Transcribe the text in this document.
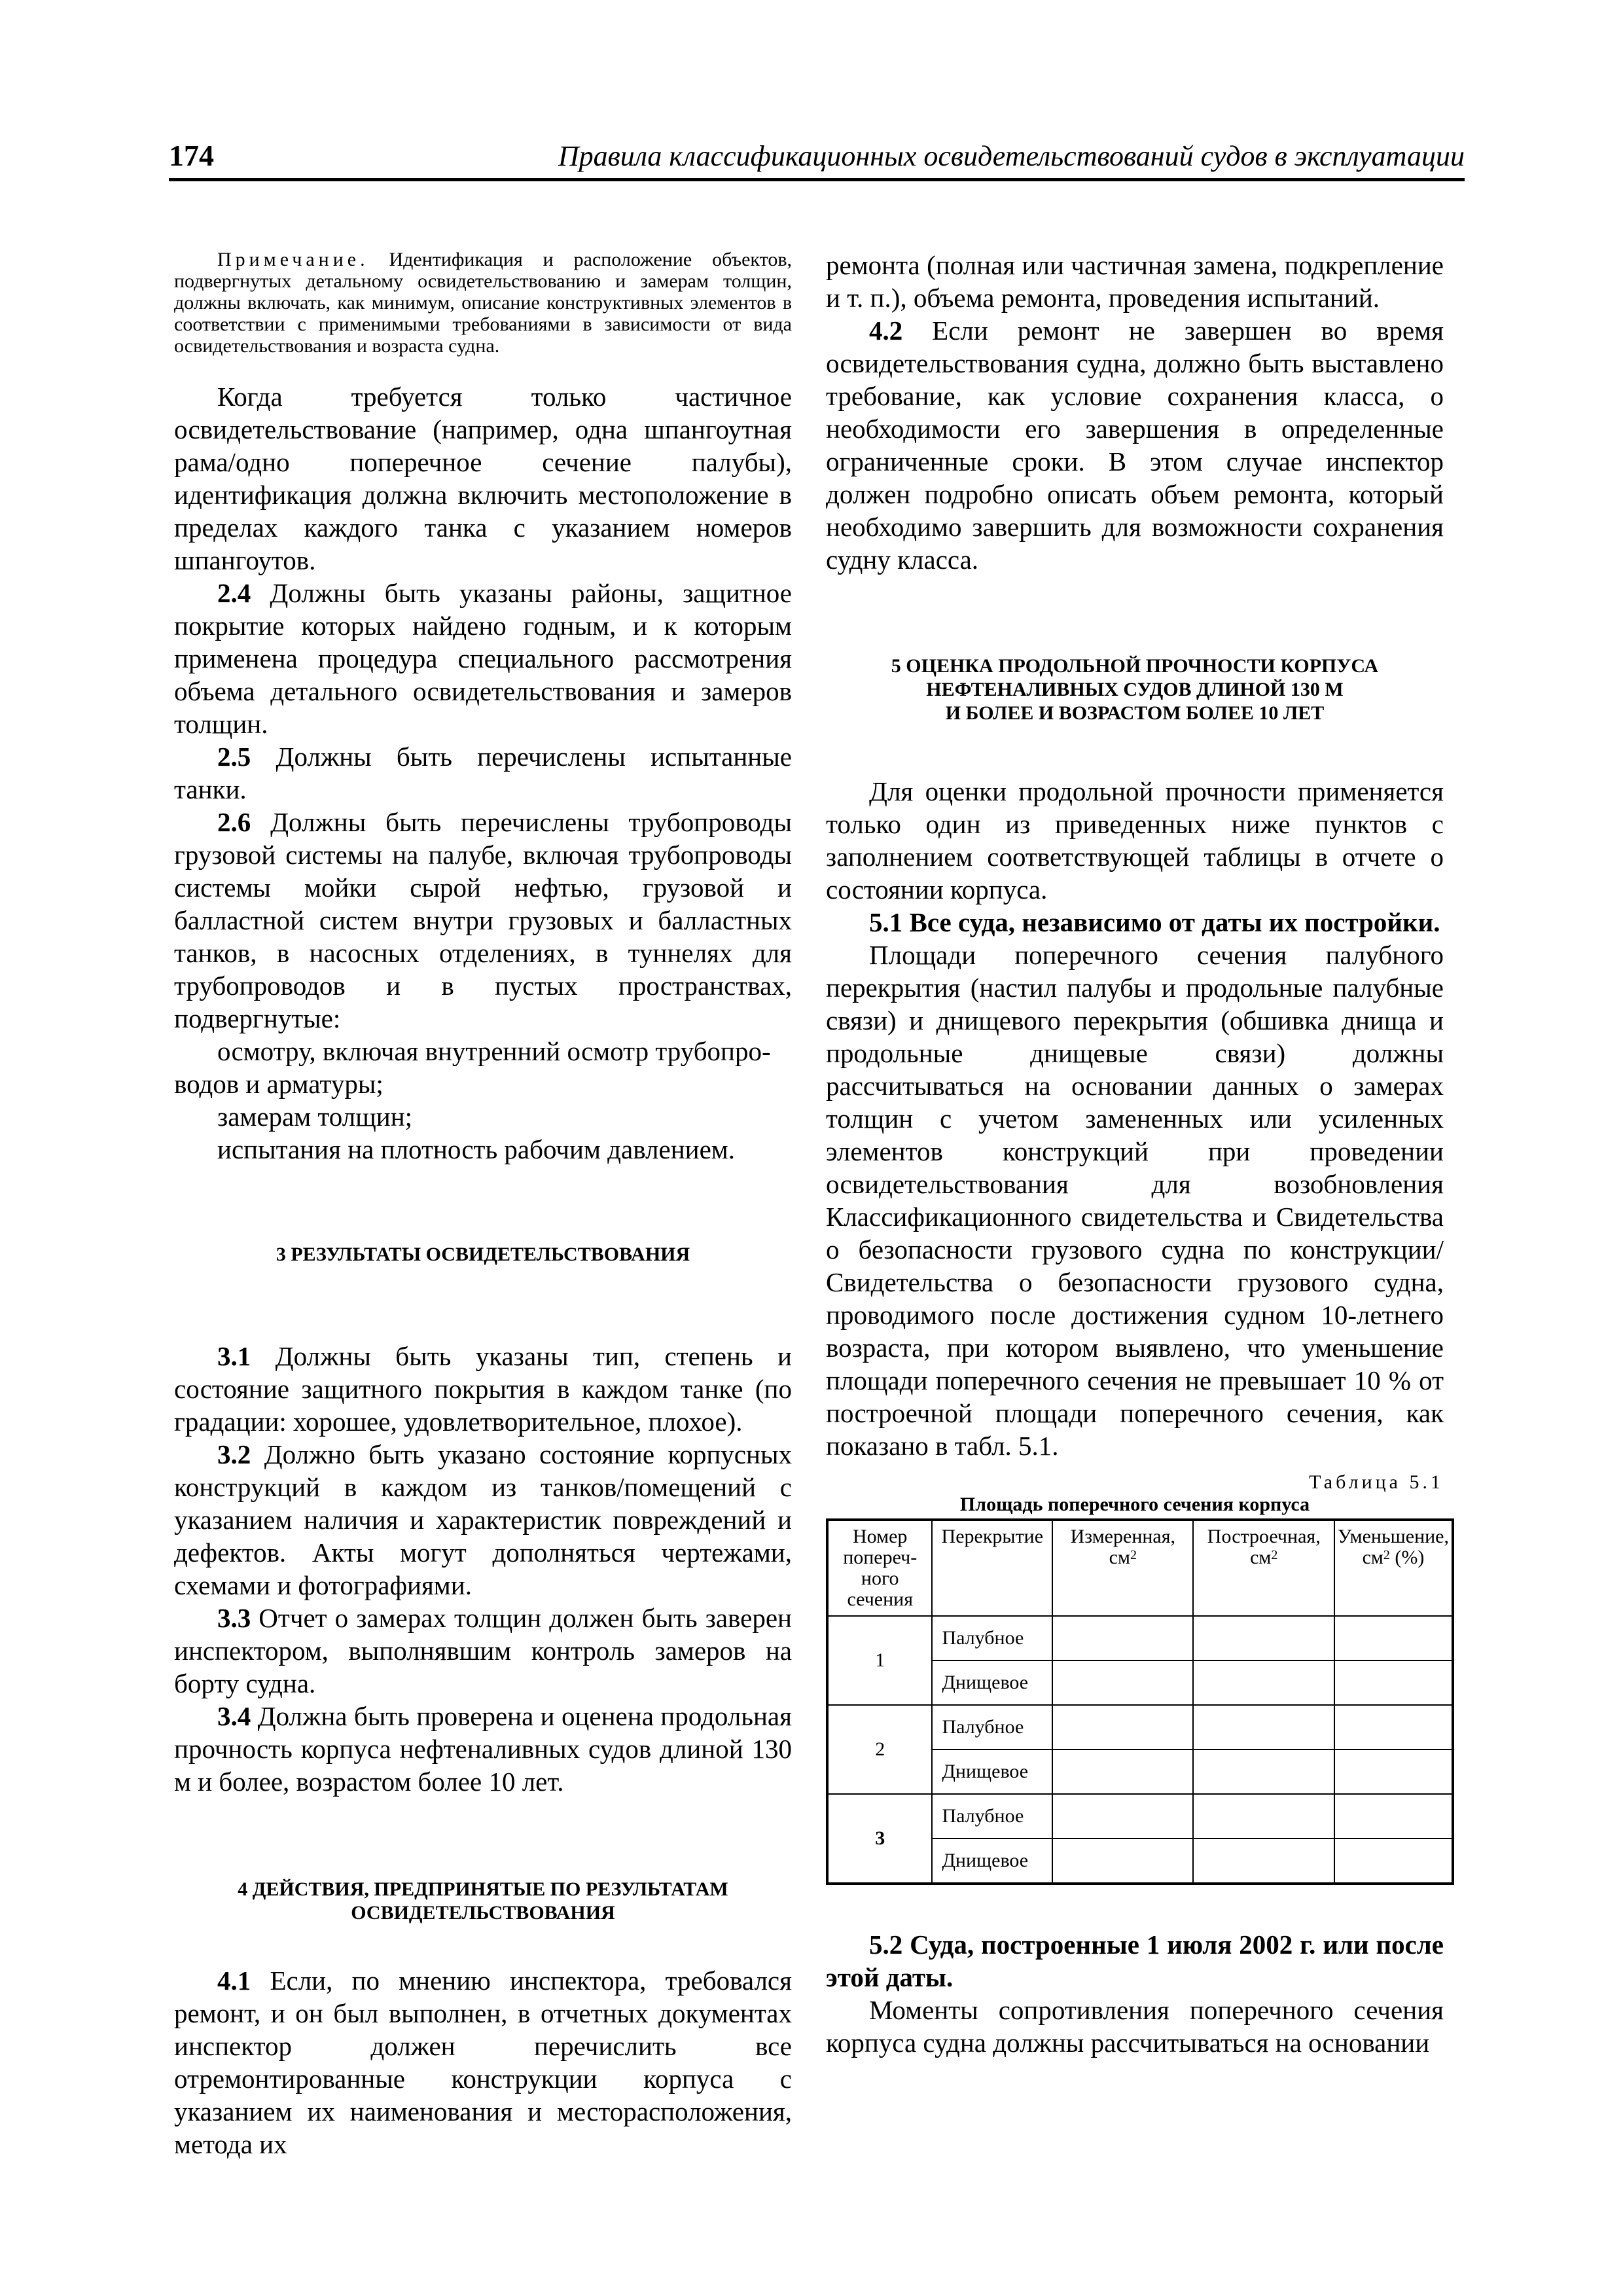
174	Правила классификационных освидетельствований судов в эксплуатации

Примечание. Идентификация и расположение объектов, подвергнутых детальному освидетельствованию и замерам толщин, должны включать, как минимум, описание конструктивных элементов в соответствии с применимыми требованиями в зависимости от вида освидетельствования и возраста судна.

Когда требуется только частичное освидетельствование (например, одна шпангоутная рама/одно поперечное сечение палубы), идентификация должна включить местоположение в пределах каждого танка с указанием номеров шпангоутов.

2.4 Должны быть указаны районы, защитное покрытие которых найдено годным, и к которым применена процедура специального рассмотрения объема детального освидетельствования и замеров толщин.

2.5 Должны быть перечислены испытанные танки.

2.6 Должны быть перечислены трубопроводы грузовой системы на палубе, включая трубопроводы системы мойки сырой нефтью, грузовой и балластной систем внутри грузовых и балластных танков, в насосных отделениях, в туннелях для трубопроводов и в пустых пространствах, подвергнутые:

осмотру, включая внутренний осмотр трубопро-

водов и арматуры;

замерам толщин;

испытания на плотность рабочим давлением.

3 РЕЗУЛЬТАТЫ ОСВИДЕТЕЛЬСТВОВАНИЯ

3.1 Должны быть указаны тип, степень и состояние защитного покрытия в каждом танке (по градации: хорошее, удовлетворительное, плохое).

3.2 Должно быть указано состояние корпусных конструкций в каждом из танков/помещений с указанием наличия и характеристик повреждений и дефектов. Акты могут дополняться чертежами, схемами и фотографиями.

3.3 Отчет о замерах толщин должен быть заверен инспектором, выполнявшим контроль замеров на борту судна.

3.4 Должна быть проверена и оценена продольная прочность корпуса нефтеналивных судов длиной 130 м и более, возрастом более 10 лет.

4 ДЕЙСТВИЯ, ПРЕДПРИНЯТЫЕ ПО РЕЗУЛЬТАТАМ

ОСВИДЕТЕЛЬСТВОВАНИЯ

4.1 Если, по мнению инспектора, требовался ремонт, и он был выполнен, в отчетных документах инспектор должен перечислить все отремонтированные конструкции корпуса с указанием их наименования и месторасположения, метода их

ремонта (полная или частичная замена, подкрепление и т. п.), объема ремонта, проведения испытаний.

4.2 Если ремонт не завершен во время освидетельствования судна, должно быть выставлено требование, как условие сохранения класса, о необходимости его завершения в определенные ограниченные сроки. В этом случае инспектор должен подробно описать объем ремонта, который необходимо завершить для возможности сохранения судну класса.

5 ОЦЕНКА ПРОДОЛЬНОЙ ПРОЧНОСТИ КОРПУСА

НЕФТЕНАЛИВНЫХ СУДОВ ДЛИНОЙ 130 М

И БОЛЕЕ И ВОЗРАСТОМ БОЛЕЕ 10 ЛЕТ

Для оценки продольной прочности применяется только один из приведенных ниже пунктов с заполнением соответствующей таблицы в отчете о состоянии корпуса.

5.1 Все суда, независимо от даты их постройки.

Площади поперечного сечения палубного перекрытия (настил палубы и продольные палубные связи) и днищевого перекрытия (обшивка днища и продольные днищевые связи) должны рассчитываться на основании данных о замерах толщин с учетом замененных или усиленных элементов конструкций при проведении освидетельствования для возобновления Классификационного свидетельства и Свидетельства о безопасности грузового судна по конструкции/Свидетельства о безопасности грузового судна, проводимого после достижения судном 10-летнего возраста, при котором выявлено, что уменьшение площади поперечного сечения не превышает 10 % от построечной площади поперечного сечения, как показано в табл. 5.1.

Таблица 5.1

Площадь поперечного сечения корпуса

Номер попереч- ного сечения	Перекрытие	Измеренная, $см^2$	Построечная, $см^2$	Уменьшение, $см^2$ (%)
1	Палубное			
	Днищевое			
2	Палубное			
	Днищевое			
3	Палубное			
	Днищевое			

5.2 Суда, построенные 1 июля 2002 г. или после этой даты.

Моменты сопротивления поперечного сечения корпуса судна должны рассчитываться на основании
